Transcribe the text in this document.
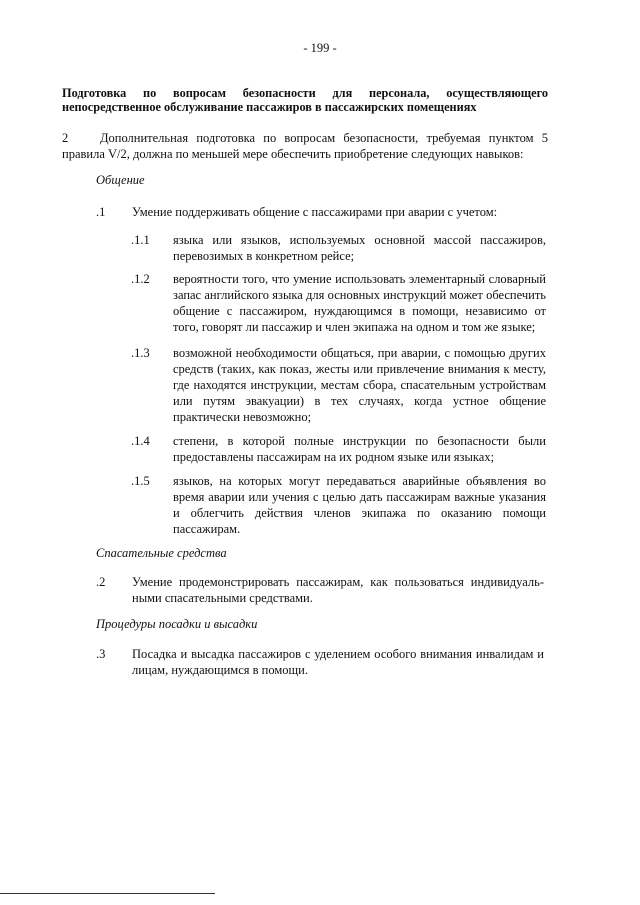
- 199 -
Подготовка по вопросам безопасности для персонала, осуществляющего непосредственное обслуживание пассажиров в пассажирских помещениях
2	Дополнительная подготовка по вопросам безопасности, требуемая пунктом 5 правила V/2, должна по меньшей мере обеспечить приобретение следующих навыков:
Общение
.1 Умение поддерживать общение с пассажирами при аварии с учетом:
.1.1 языка или языков, используемых основной массой пассажиров, перевозимых в конкретном рейсе;
.1.2 вероятности того, что умение использовать элементарный словарный запас английского языка для основных инструкций может обеспечить общение с пассажиром, нуждающимся в помощи, независимо от того, говорят ли пассажир и член экипажа на одном и том же языке;
.1.3 возможной необходимости общаться, при аварии, с помощью других средств (таких, как показ, жесты или привлечение внимания к месту, где находятся инструкции, местам сбора, спасательным устройствам или путям эвакуации) в тех случаях, когда устное общение практически невозможно;
.1.4 степени, в которой полные инструкции по безопасности были предоставлены пассажирам на их родном языке или языках;
.1.5 языков, на которых могут передаваться аварийные объявления во время аварии или учения с целью дать пассажирам важные указания и облегчить действия членов экипажа по оказанию помощи пассажирам.
Спасательные средства
.2 Умение продемонстрировать пассажирам, как пользоваться индивидуаль-ными спасательными средствами.
Процедуры посадки и высадки
.3 Посадка и высадка пассажиров с уделением особого внимания инвалидам и лицам, нуждающимся в помощи.
